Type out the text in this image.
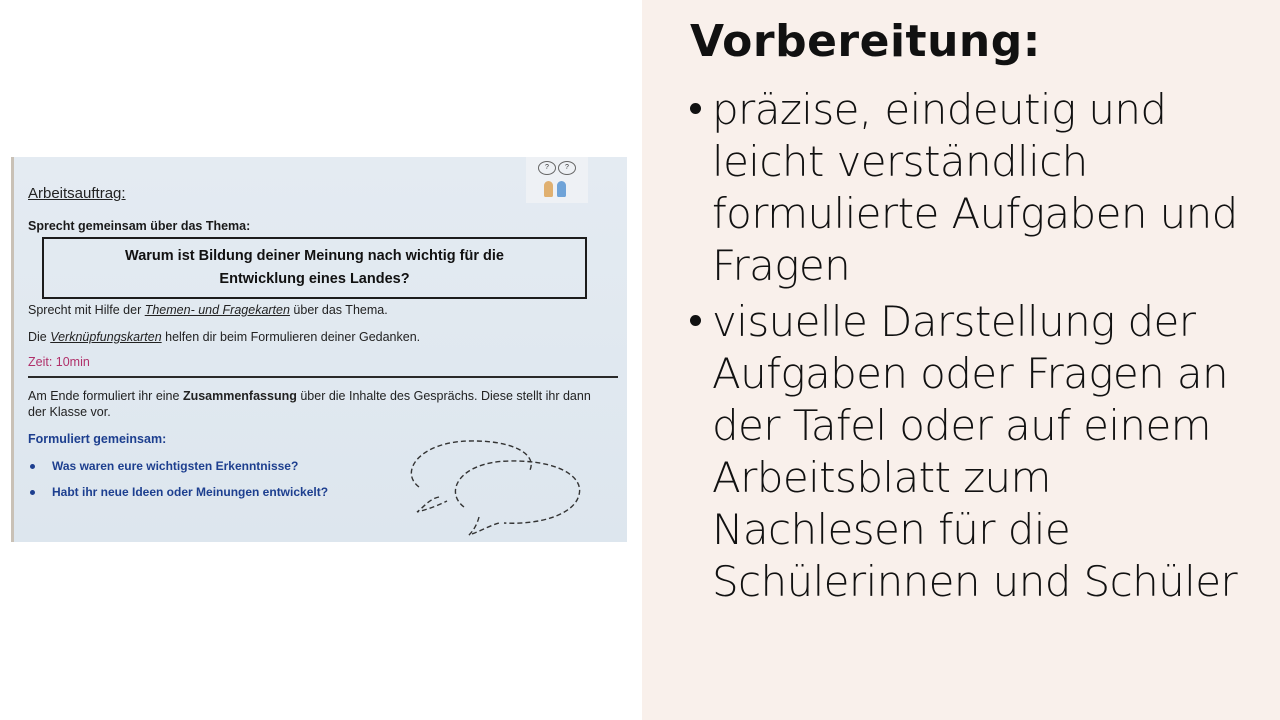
?	?
Arbeitsauftrag:
Sprecht gemeinsam über das Thema:
Warum ist Bildung deiner Meinung nach wichtig für die
Entwicklung eines Landes?
Sprecht mit Hilfe der Themen- und Fragekarten über das Thema.
Die Verknüpfungskarten helfen dir beim Formulieren deiner Gedanken.
Zeit: 10min
Am Ende formuliert ihr eine Zusammenfassung über die Inhalte des Gesprächs. Diese stellt ihr dann der Klasse vor.
Formuliert gemeinsam:
Was waren eure wichtigsten Erkenntnisse?
Habt ihr neue Ideen oder Meinungen entwickelt?
Vorbereitung:
präzise, eindeutig und leicht verständlich formulierte Aufgaben und Fragen
visuelle Darstellung der Aufgaben oder Fragen an der Tafel oder auf einem Arbeitsblatt zum Nachlesen für die Schülerinnen und Schüler
